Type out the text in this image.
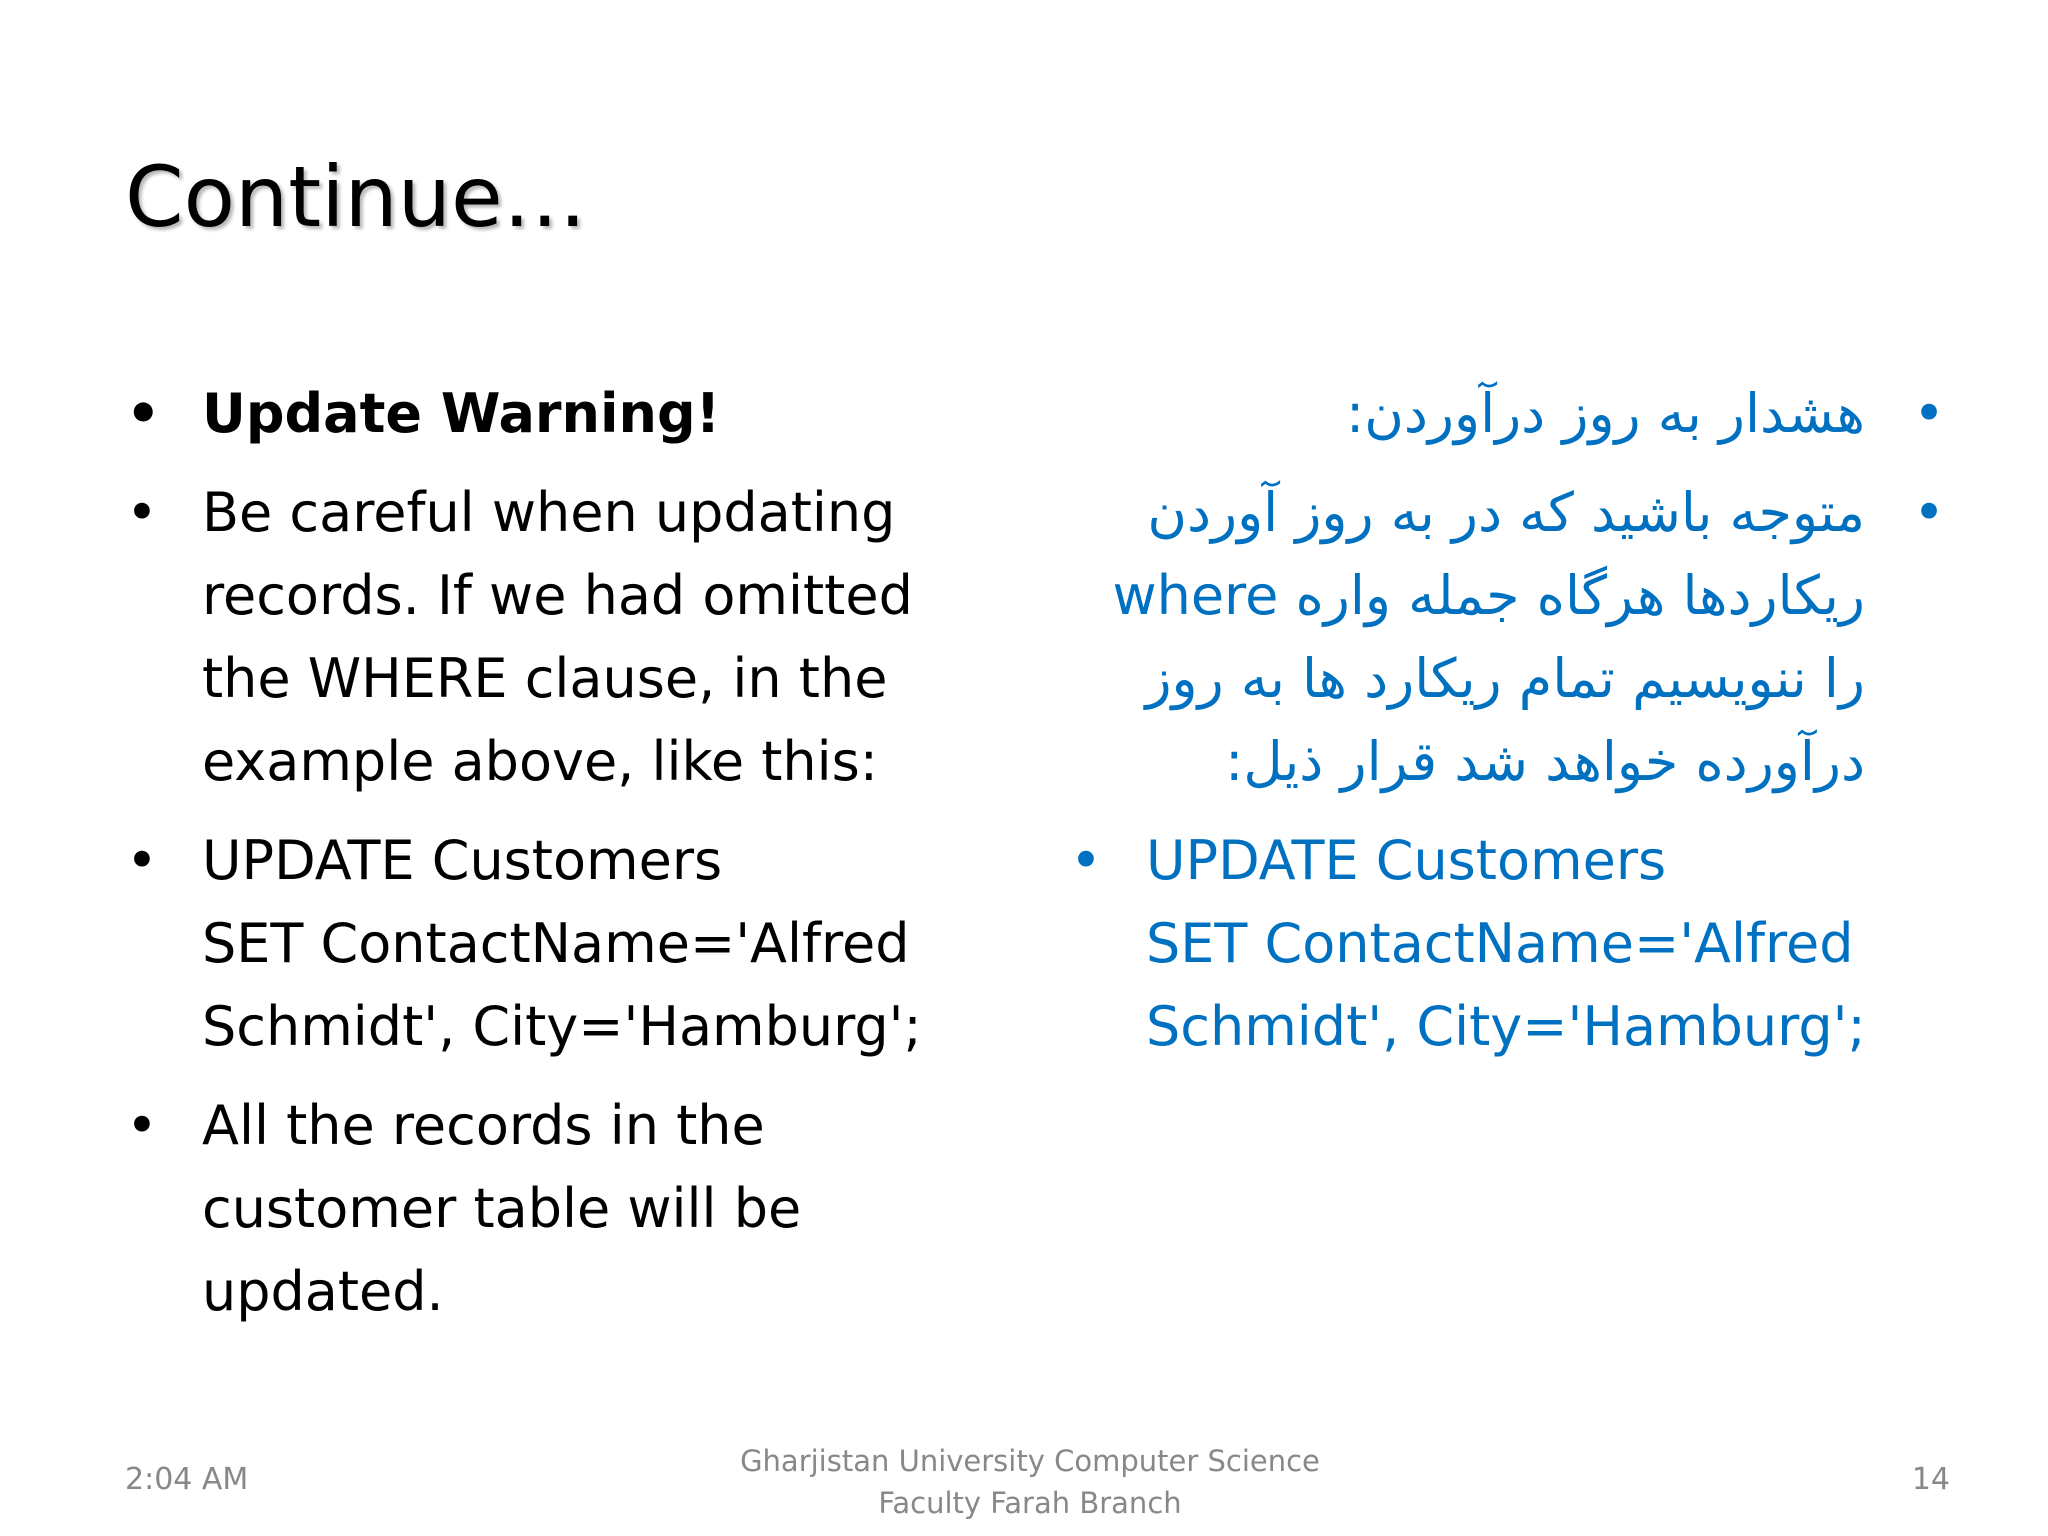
Continue…
• Update Warning!
• Be careful when updating
records. If we had omitted
the WHERE clause, in the
example above, like this:
• UPDATE Customers
SET ContactName='Alfred
Schmidt', City='Hamburg';
• All the records in the
customer table will be
updated.
•
هشدار به روز درآوردن:
•
متوجه باشید که در به روز آوردن
ریکاردها هرگاه جمله واره where
را ننویسیم تمام ریکارد ها به روز
درآورده خواهد شد قرار ذیل:
• UPDATE Customers
SET ContactName='Alfred
Schmidt', City='Hamburg';
2:04 AM
Gharjistan University Computer Science
Faculty Farah Branch
14
